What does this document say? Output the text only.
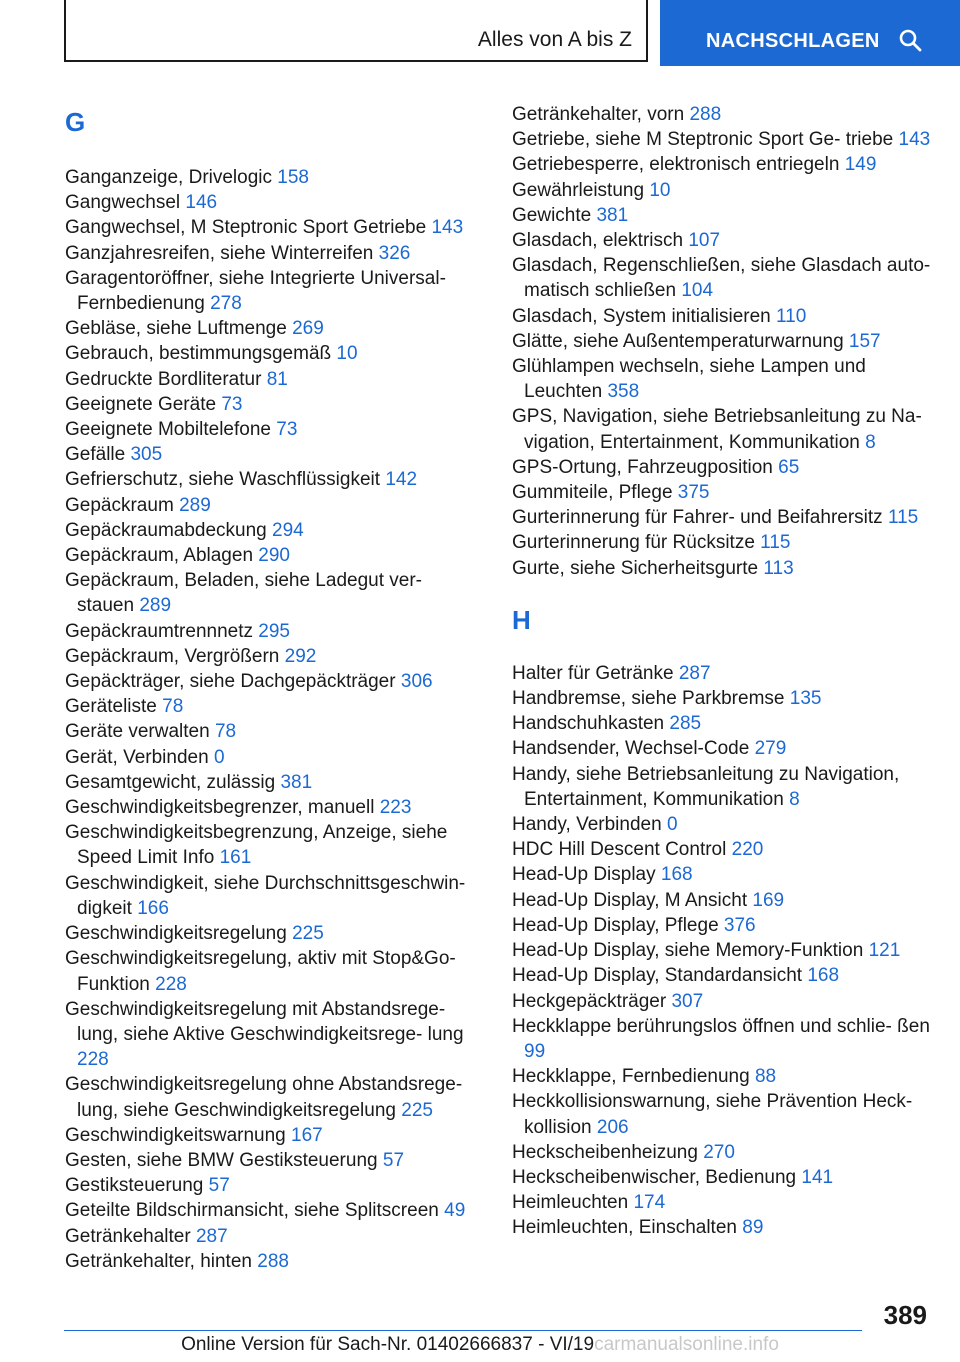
Alles von A bis Z	NACHSCHLAGEN
G
Ganganzeige, Drivelogic 158
Gangwechsel 146
Gangwechsel, M Steptronic Sport Getriebe 143
Ganzjahresreifen, siehe Winterreifen 326
Garagentoröffner, siehe Integrierte Universal-Fernbedienung 278
Gebläse, siehe Luftmenge 269
Gebrauch, bestimmungsgemäß 10
Gedruckte Bordliteratur 81
Geeignete Geräte 73
Geeignete Mobiltelefone 73
Gefälle 305
Gefrierschutz, siehe Waschflüssigkeit 142
Gepäckraum 289
Gepäckraumabdeckung 294
Gepäckraum, Ablagen 290
Gepäckraum, Beladen, siehe Ladegut ver- stauen 289
Gepäckraumtrennnetz 295
Gepäckraum, Vergrößern 292
Gepäckträger, siehe Dachgepäckträger 306
Geräteliste 78
Geräte verwalten 78
Gerät, Verbinden 0
Gesamtgewicht, zulässig 381
Geschwindigkeitsbegrenzer, manuell 223
Geschwindigkeitsbegrenzung, Anzeige, siehe Speed Limit Info 161
Geschwindigkeit, siehe Durchschnittsgeschwin- digkeit 166
Geschwindigkeitsregelung 225
Geschwindigkeitsregelung, aktiv mit Stop&Go-Funktion 228
Geschwindigkeitsregelung mit Abstandsrege- lung, siehe Aktive Geschwindigkeitsrege- lung 228
Geschwindigkeitsregelung ohne Abstandsrege- lung, siehe Geschwindigkeitsregelung 225
Geschwindigkeitswarnung 167
Gesten, siehe BMW Gestiksteuerung 57
Gestiksteuerung 57
Geteilte Bildschirmansicht, siehe Splitscreen 49
Getränkehalter 287
Getränkehalter, hinten 288
Getränkehalter, vorn 288
Getriebe, siehe M Steptronic Sport Ge- triebe 143
Getriebesperre, elektronisch entriegeln 149
Gewährleistung 10
Gewichte 381
Glasdach, elektrisch 107
Glasdach, Regenschließen, siehe Glasdach auto- matisch schließen 104
Glasdach, System initialisieren 110
Glätte, siehe Außentemperaturwarnung 157
Glühlampen wechseln, siehe Lampen und Leuchten 358
GPS, Navigation, siehe Betriebsanleitung zu Na- vigation, Entertainment, Kommunikation 8
GPS-Ortung, Fahrzeugposition 65
Gummiteile, Pflege 375
Gurterinnerung für Fahrer- und Beifahrersitz 115
Gurterinnerung für Rücksitze 115
Gurte, siehe Sicherheitsgurte 113
H
Halter für Getränke 287
Handbremse, siehe Parkbremse 135
Handschuhkasten 285
Handsender, Wechsel-Code 279
Handy, siehe Betriebsanleitung zu Navigation, Entertainment, Kommunikation 8
Handy, Verbinden 0
HDC Hill Descent Control 220
Head-Up Display 168
Head-Up Display, M Ansicht 169
Head-Up Display, Pflege 376
Head-Up Display, siehe Memory-Funktion 121
Head-Up Display, Standardansicht 168
Heckgepäckträger 307
Heckklappe berührungslos öffnen und schlie- ßen 99
Heckklappe, Fernbedienung 88
Heckkollisionswarnung, siehe Prävention Heck- kollision 206
Heckscheibenheizung 270
Heckscheibenwischer, Bedienung 141
Heimleuchten 174
Heimleuchten, Einschalten 89
389
Online Version für Sach-Nr. 01402666837 - VI/19carmanualsonline.info
